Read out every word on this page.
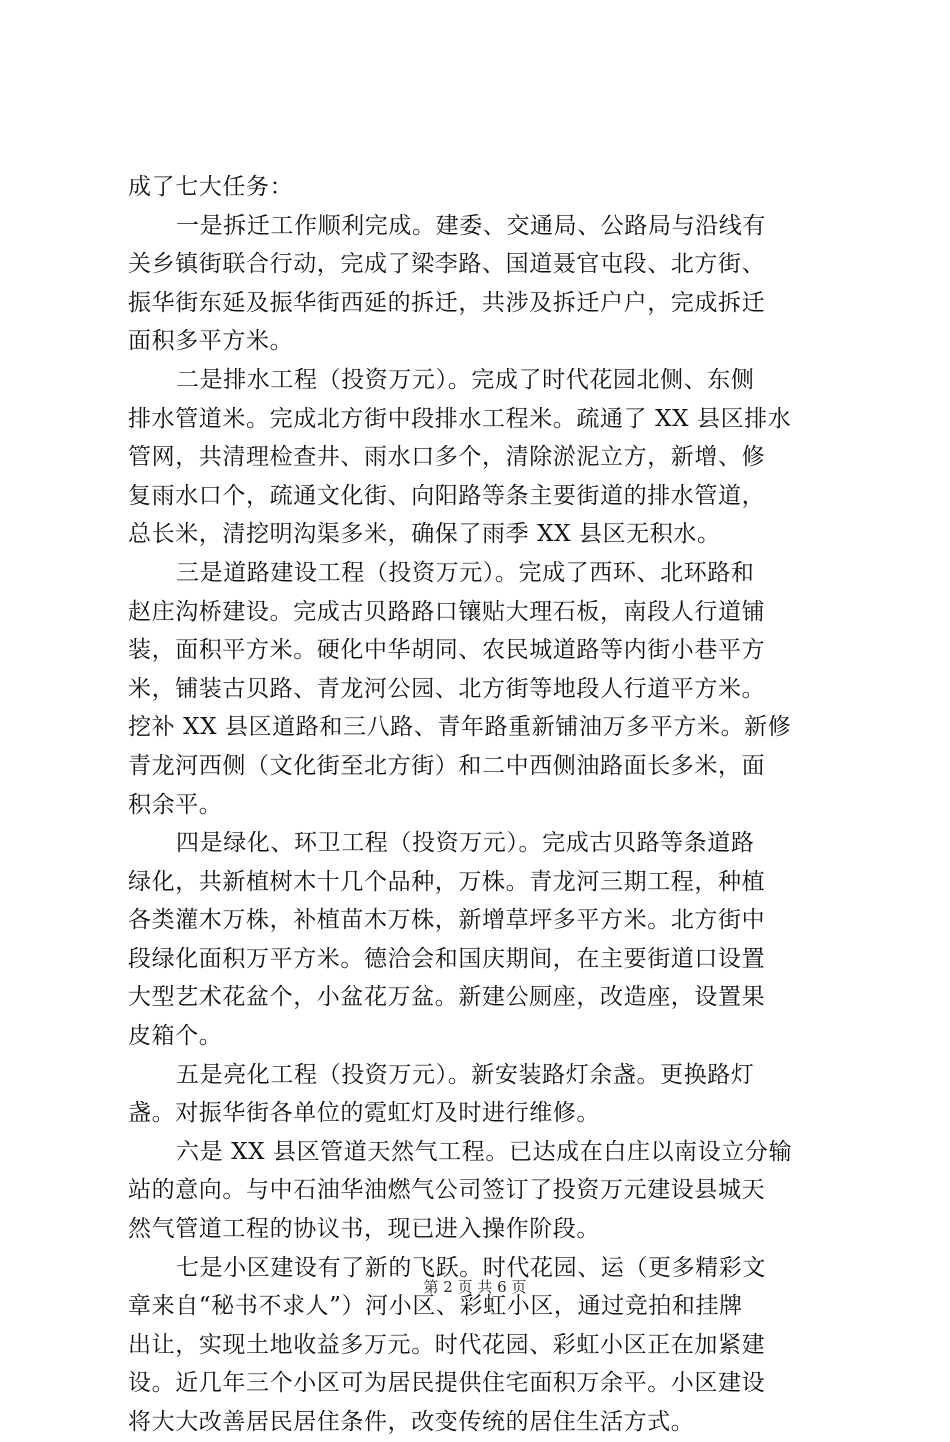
成了七大任务：
一是拆迁工作顺利完成。建委、交通局、公路局与沿线有
关乡镇街联合行动，完成了梁李路、国道聂官屯段、北方街、
振华街东延及振华街西延的拆迁，共涉及拆迁户户，完成拆迁
面积多平方米。
二是排水工程（投资万元）。完成了时代花园北侧、东侧
排水管道米。完成北方街中段排水工程米。疏通了 XX 县区排水
管网，共清理检查井、雨水口多个，清除淤泥立方，新增、修
复雨水口个，疏通文化街、向阳路等条主要街道的排水管道，
总长米，清挖明沟渠多米，确保了雨季 XX 县区无积水。
三是道路建设工程（投资万元）。完成了西环、北环路和
赵庄沟桥建设。完成古贝路路口镶贴大理石板，南段人行道铺
装，面积平方米。硬化中华胡同、农民城道路等内街小巷平方
米，铺装古贝路、青龙河公园、北方街等地段人行道平方米。
挖补 XX 县区道路和三八路、青年路重新铺油万多平方米。新修
青龙河西侧（文化街至北方街）和二中西侧油路面长多米，面
积余平。
四是绿化、环卫工程（投资万元）。完成古贝路等条道路
绿化，共新植树木十几个品种，万株。青龙河三期工程，种植
各类灌木万株，补植苗木万株，新增草坪多平方米。北方街中
段绿化面积万平方米。德洽会和国庆期间，在主要街道口设置
大型艺术花盆个，小盆花万盆。新建公厕座，改造座，设置果
皮箱个。
五是亮化工程（投资万元）。新安装路灯余盏。更换路灯
盏。对振华街各单位的霓虹灯及时进行维修。
六是 XX 县区管道天然气工程。已达成在白庄以南设立分输
站的意向。与中石油华油燃气公司签订了投资万元建设县城天
然气管道工程的协议书，现已进入操作阶段。
七是小区建设有了新的飞跃。时代花园、运（更多精彩文
章来自“秘书不求人”）河小区、彩虹小区，通过竞拍和挂牌
出让，实现土地收益多万元。时代花园、彩虹小区正在加紧建
设。近几年三个小区可为居民提供住宅面积万余平。小区建设
将大大改善居民居住条件，改变传统的居住生活方式。
第 2 页 共 6 页
